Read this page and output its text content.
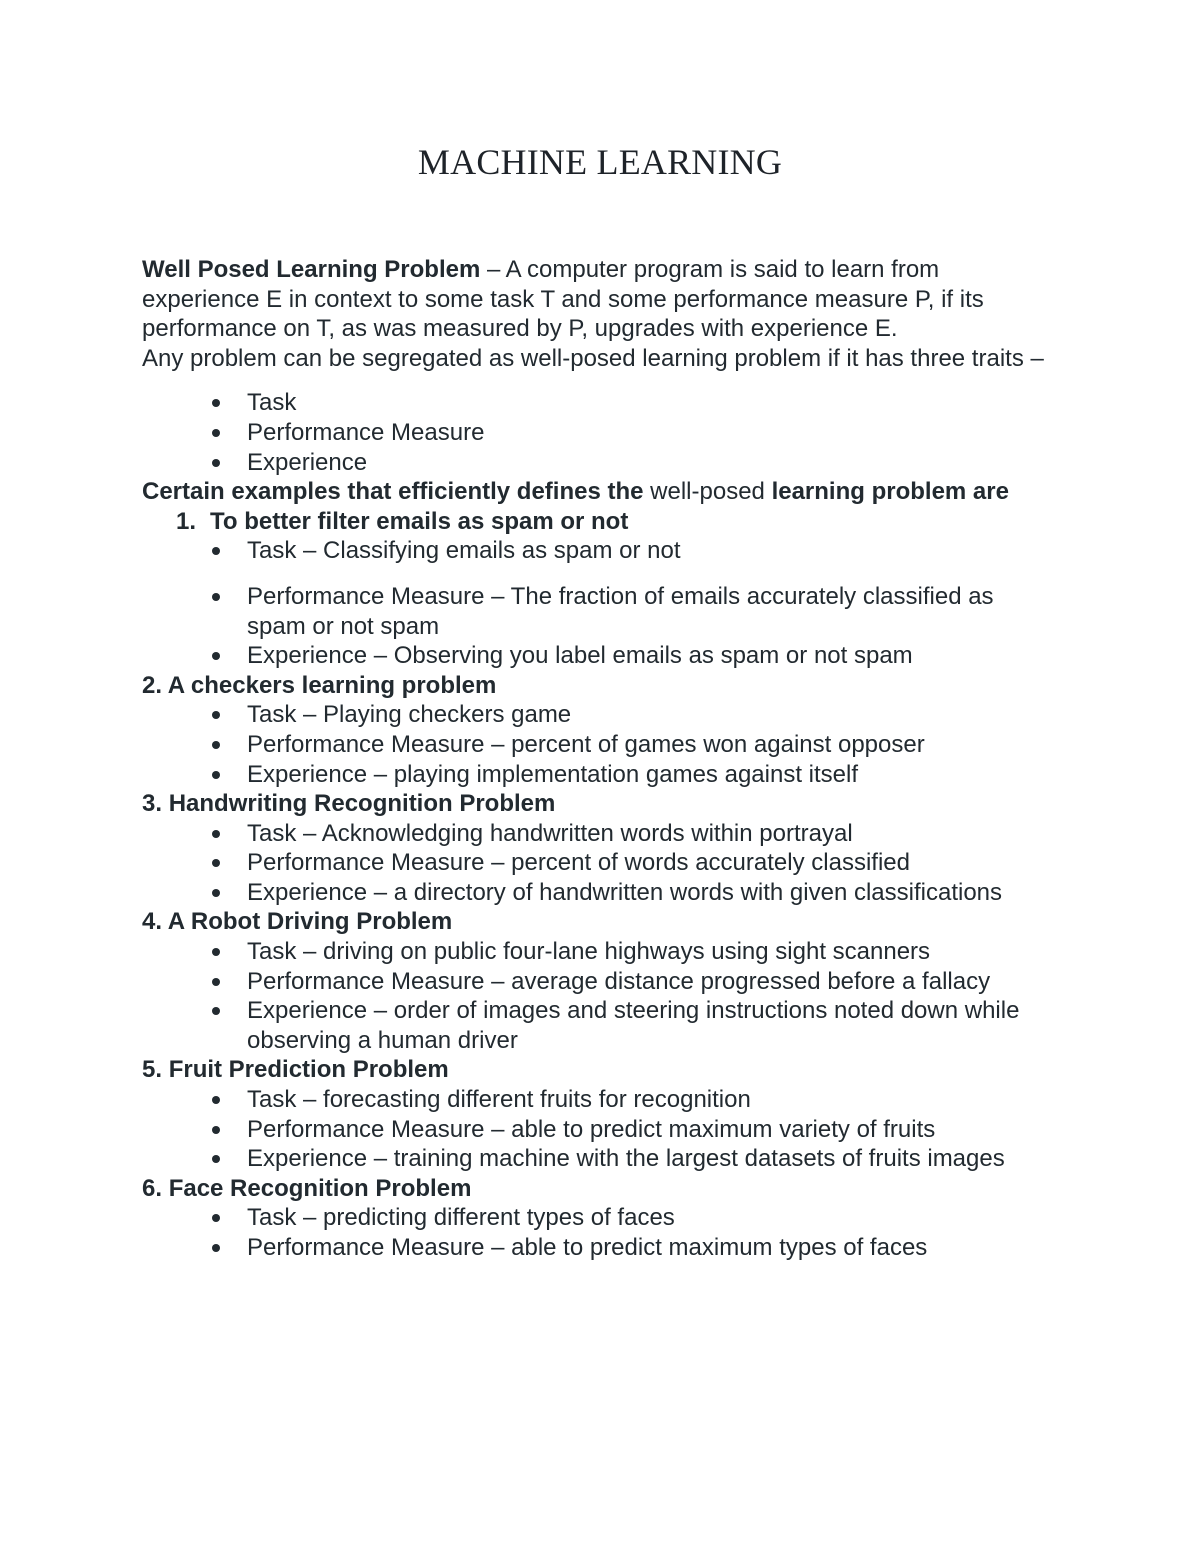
MACHINE LEARNING

Well Posed Learning Problem – A computer program is said to learn from experience E in context to some task T and some performance measure P, if its performance on T, as was measured by P, upgrades with experience E.

Any problem can be segregated as well-posed learning problem if it has three traits –

Task
Performance Measure
Experience

Certain examples that efficiently defines the well-posed learning problem are

1. To better filter emails as spam or not

Task – Classifying emails as spam or not
Performance Measure – The fraction of emails accurately classified as spam or not spam
Experience – Observing you label emails as spam or not spam

2. A checkers learning problem

Task – Playing checkers game
Performance Measure – percent of games won against opposer
Experience – playing implementation games against itself

3. Handwriting Recognition Problem

Task – Acknowledging handwritten words within portrayal
Performance Measure – percent of words accurately classified
Experience – a directory of handwritten words with given classifications

4. A Robot Driving Problem

Task – driving on public four-lane highways using sight scanners
Performance Measure – average distance progressed before a fallacy
Experience – order of images and steering instructions noted down while observing a human driver

5. Fruit Prediction Problem

Task – forecasting different fruits for recognition
Performance Measure – able to predict maximum variety of fruits
Experience – training machine with the largest datasets of fruits images

6. Face Recognition Problem

Task – predicting different types of faces
Performance Measure – able to predict maximum types of faces
